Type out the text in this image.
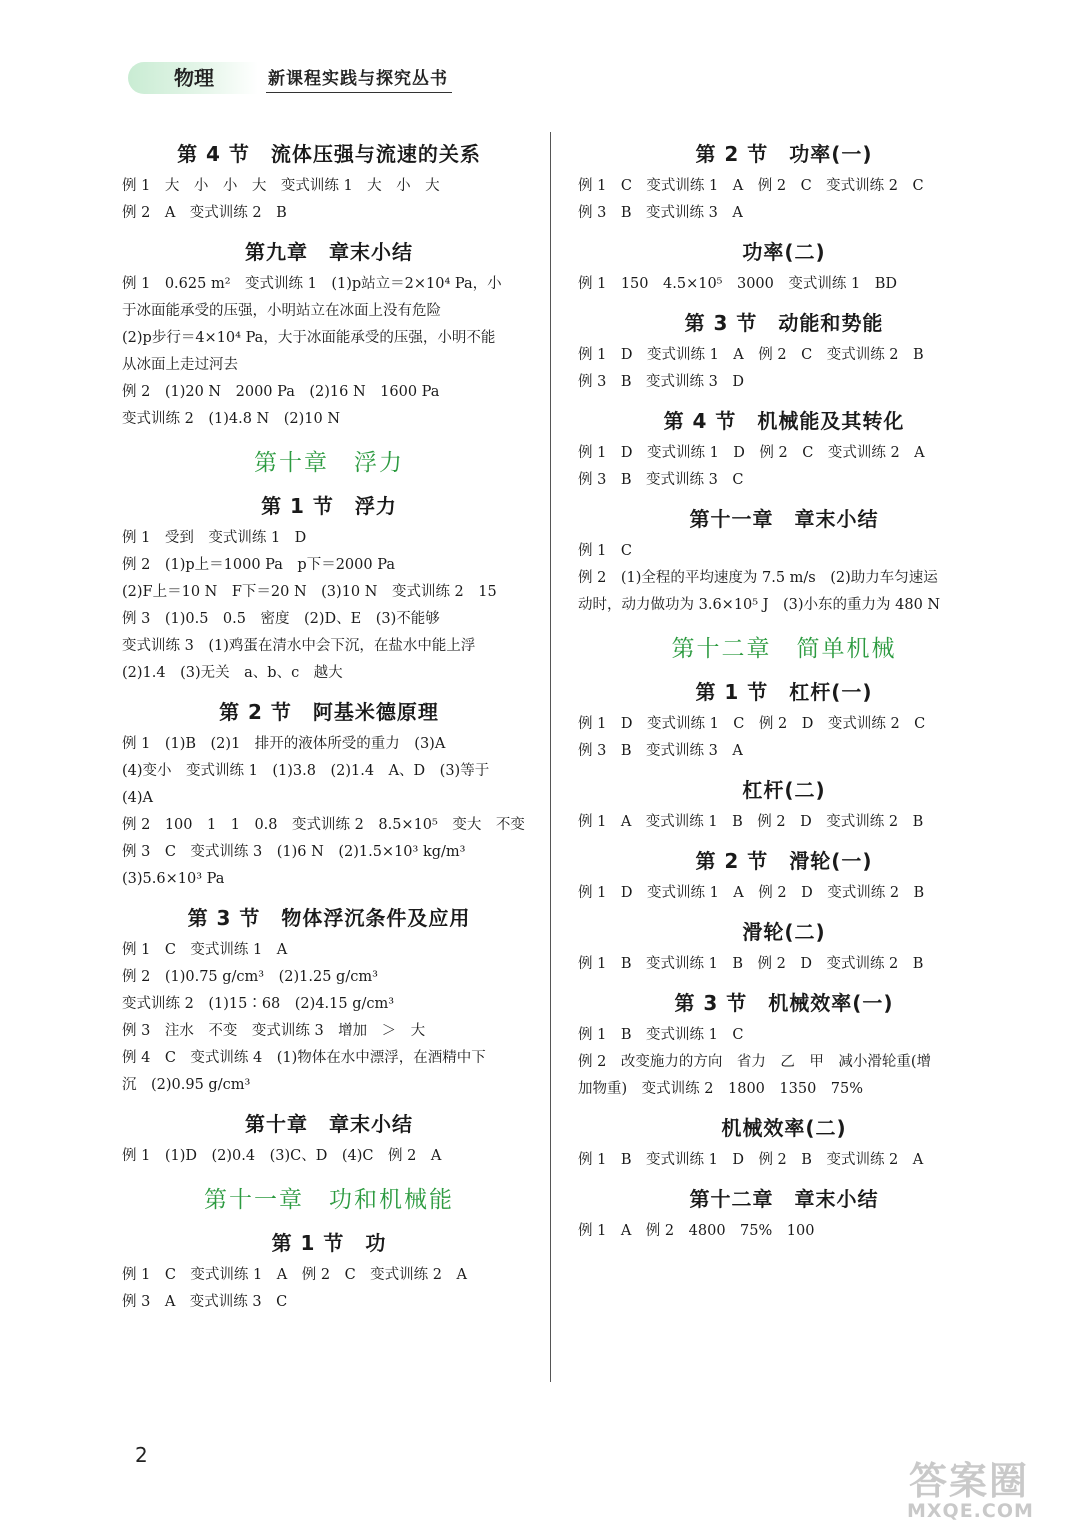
物理	新课程实践与探究丛书
第 4 节　流体压强与流速的关系
例 1　大　小　小　大　变式训练 1　大　小　大
例 2　A　变式训练 2　B
第九章　章末小结
例 1　0.625 m²　变式训练 1　(1)p站立＝2×10⁴ Pa，小
于冰面能承受的压强，小明站立在冰面上没有危险
(2)p步行＝4×10⁴ Pa，大于冰面能承受的压强，小明不能
从冰面上走过河去
例 2　(1)20 N　2000 Pa　(2)16 N　1600 Pa
变式训练 2　(1)4.8 N　(2)10 N
第十章　浮力
第 1 节　浮力
例 1　受到　变式训练 1　D
例 2　(1)p上＝1000 Pa　p下＝2000 Pa
(2)F上＝10 N　F下＝20 N　(3)10 N　变式训练 2　15
例 3　(1)0.5　0.5　密度　(2)D、E　(3)不能够
变式训练 3　(1)鸡蛋在清水中会下沉，在盐水中能上浮
(2)1.4　(3)无关　a、b、c　越大
第 2 节　阿基米德原理
例 1　(1)B　(2)1　排开的液体所受的重力　(3)A
(4)变小　变式训练 1　(1)3.8　(2)1.4　A、D　(3)等于
(4)A
例 2　100　1　1　0.8　变式训练 2　8.5×10⁵　变大　不变
例 3　C　变式训练 3　(1)6 N　(2)1.5×10³ kg/m³
(3)5.6×10³ Pa
第 3 节　物体浮沉条件及应用
例 1　C　变式训练 1　A
例 2　(1)0.75 g/cm³　(2)1.25 g/cm³
变式训练 2　(1)15∶68　(2)4.15 g/cm³
例 3　注水　不变　变式训练 3　增加　＞　大
例 4　C　变式训练 4　(1)物体在水中漂浮，在酒精中下
沉　(2)0.95 g/cm³
第十章　章末小结
例 1　(1)D　(2)0.4　(3)C、D　(4)C　例 2　A
第十一章　功和机械能
第 1 节　功
例 1　C　变式训练 1　A　例 2　C　变式训练 2　A
例 3　A　变式训练 3　C
第 2 节　功率(一)
例 1　C　变式训练 1　A　例 2　C　变式训练 2　C
例 3　B　变式训练 3　A
功率(二)
例 1　150　4.5×10⁵　3000　变式训练 1　BD
第 3 节　动能和势能
例 1　D　变式训练 1　A　例 2　C　变式训练 2　B
例 3　B　变式训练 3　D
第 4 节　机械能及其转化
例 1　D　变式训练 1　D　例 2　C　变式训练 2　A
例 3　B　变式训练 3　C
第十一章　章末小结
例 1　C
例 2　(1)全程的平均速度为 7.5 m/s　(2)助力车匀速运
动时，动力做功为 3.6×10⁵ J　(3)小东的重力为 480 N
第十二章　简单机械
第 1 节　杠杆(一)
例 1　D　变式训练 1　C　例 2　D　变式训练 2　C
例 3　B　变式训练 3　A
杠杆(二)
例 1　A　变式训练 1　B　例 2　D　变式训练 2　B
第 2 节　滑轮(一)
例 1　D　变式训练 1　A　例 2　D　变式训练 2　B
滑轮(二)
例 1　B　变式训练 1　B　例 2　D　变式训练 2　B
第 3 节　机械效率(一)
例 1　B　变式训练 1　C
例 2　改变施力的方向　省力　乙　甲　减小滑轮重(增
加物重)　变式训练 2　1800　1350　75%
机械效率(二)
例 1　B　变式训练 1　D　例 2　B　变式训练 2　A
第十二章　章末小结
例 1　A　例 2　4800　75%　100
2
答案圈
MXQE.COM
